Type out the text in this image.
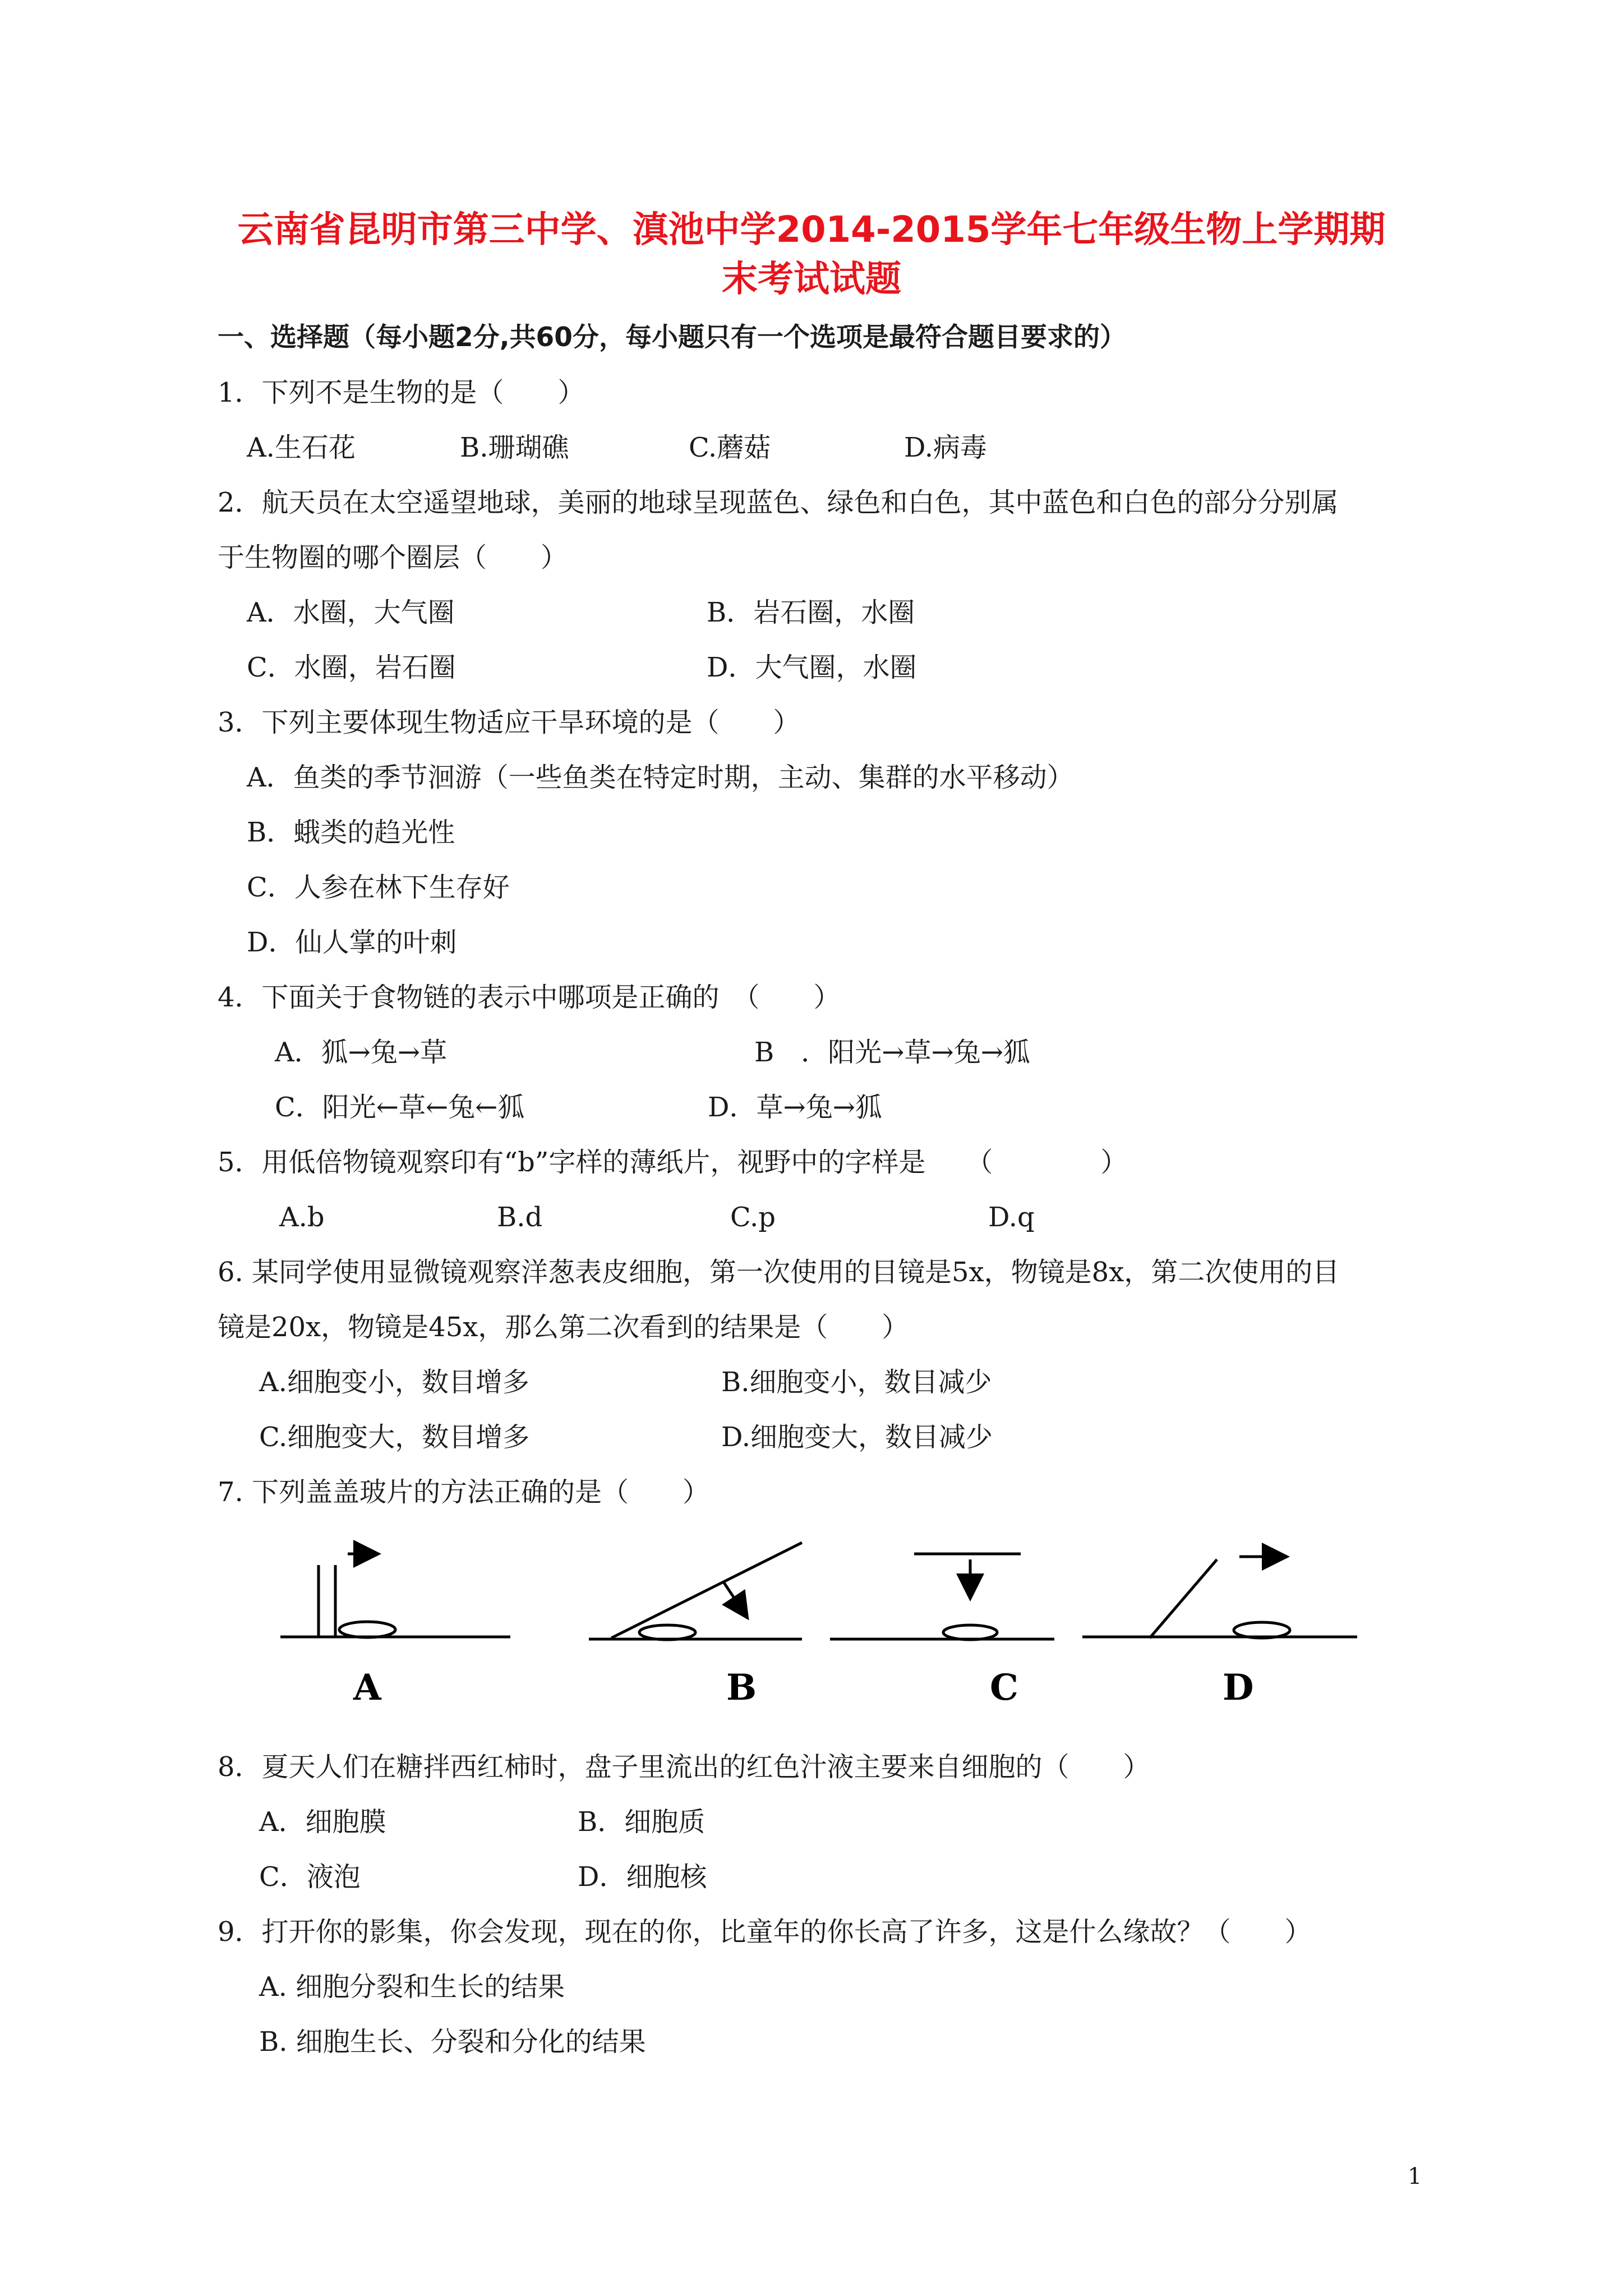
云南省昆明市第三中学、滇池中学2014-2015学年七年级生物上学期期
末考试试题
一、选择题（每小题2分,共60分，每小题只有一个选项是最符合题目要求的）
1．下列不是生物的是（　　）
A.生石花	B.珊瑚礁	C.蘑菇	D.病毒
2．航天员在太空遥望地球，美丽的地球呈现蓝色、绿色和白色，其中蓝色和白色的部分分别属
于生物圈的哪个圈层（　　）
A．水圈，大气圈	B．岩石圈，水圈
C．水圈，岩石圈	D．大气圈，水圈
3．下列主要体现生物适应干旱环境的是（　　）
A．鱼类的季节洄游（一些鱼类在特定时期，主动、集群的水平移动）
B．蛾类的趋光性
C．人参在林下生存好
D．仙人掌的叶刺
4．下面关于食物链的表示中哪项是正确的　（　　）
A．狐→兔→草	B　．阳光→草→兔→狐
C．阳光←草←兔←狐	D．草→兔→狐
5．用低倍物镜观察印有“b”字样的薄纸片，视野中的字样是　　（　　　　）
A.b	B.d	C.p	D.q
6. 某同学使用显微镜观察洋葱表皮细胞，第一次使用的目镜是5x，物镜是8x，第二次使用的目
镜是20x，物镜是45x，那么第二次看到的结果是（　　）
A.细胞变小，数目增多	B.细胞变小，数目减少
C.细胞变大，数目增多	D.细胞变大，数目减少
7. 下列盖盖玻片的方法正确的是（　　）
A	B	C	D
8．夏天人们在糖拌西红柿时，盘子里流出的红色汁液主要来自细胞的（　　）
A．细胞膜	B．细胞质
C．液泡	D．细胞核
9．打开你的影集，你会发现，现在的你，比童年的你长高了许多，这是什么缘故？（　　）
A. 细胞分裂和生长的结果
B. 细胞生长、分裂和分化的结果
1
